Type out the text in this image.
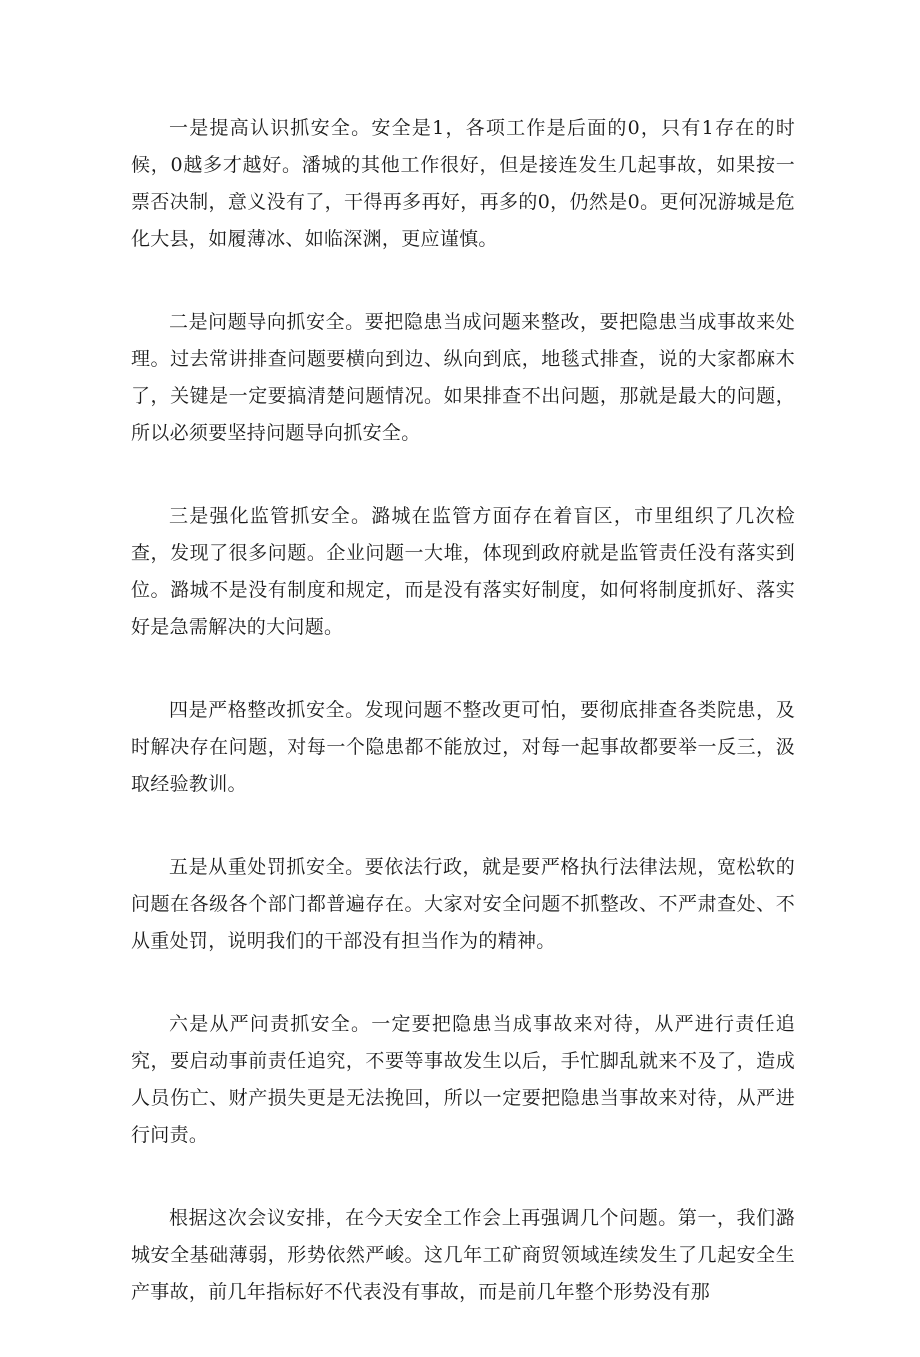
一是提高认识抓安全。安全是1，各项工作是后面的0，只有1存在的时候，0越多才越好。潘城的其他工作很好，但是接连发生几起事故，如果按一票否决制，意义没有了，干得再多再好，再多的0，仍然是0。更何况游城是危化大县，如履薄冰、如临深渊，更应谨慎。

二是问题导向抓安全。要把隐患当成问题来整改，要把隐患当成事故来处理。过去常讲排查问题要横向到边、纵向到底，地毯式排查，说的大家都麻木了，关键是一定要搞清楚问题情况。如果排查不出问题，那就是最大的问题，所以必须要坚持问题导向抓安全。

三是强化监管抓安全。潞城在监管方面存在着盲区，市里组织了几次检查，发现了很多问题。企业问题一大堆，体现到政府就是监管责任没有落实到位。潞城不是没有制度和规定，而是没有落实好制度，如何将制度抓好、落实好是急需解决的大问题。

四是严格整改抓安全。发现问题不整改更可怕，要彻底排查各类院患，及时解决存在问题，对每一个隐患都不能放过，对每一起事故都要举一反三，汲取经验教训。

五是从重处罚抓安全。要依法行政，就是要严格执行法律法规，宽松软的问题在各级各个部门都普遍存在。大家对安全问题不抓整改、不严肃查处、不从重处罚，说明我们的干部没有担当作为的精神。

六是从严问责抓安全。一定要把隐患当成事故来对待，从严进行责任追究，要启动事前责任追究，不要等事故发生以后，手忙脚乱就来不及了，造成人员伤亡、财产损失更是无法挽回，所以一定要把隐患当事故来对待，从严进行问责。

根据这次会议安排，在今天安全工作会上再强调几个问题。第一，我们潞城安全基础薄弱，形势依然严峻。这几年工矿商贸领域连续发生了几起安全生产事故，前几年指标好不代表没有事故，而是前几年整个形势没有那
